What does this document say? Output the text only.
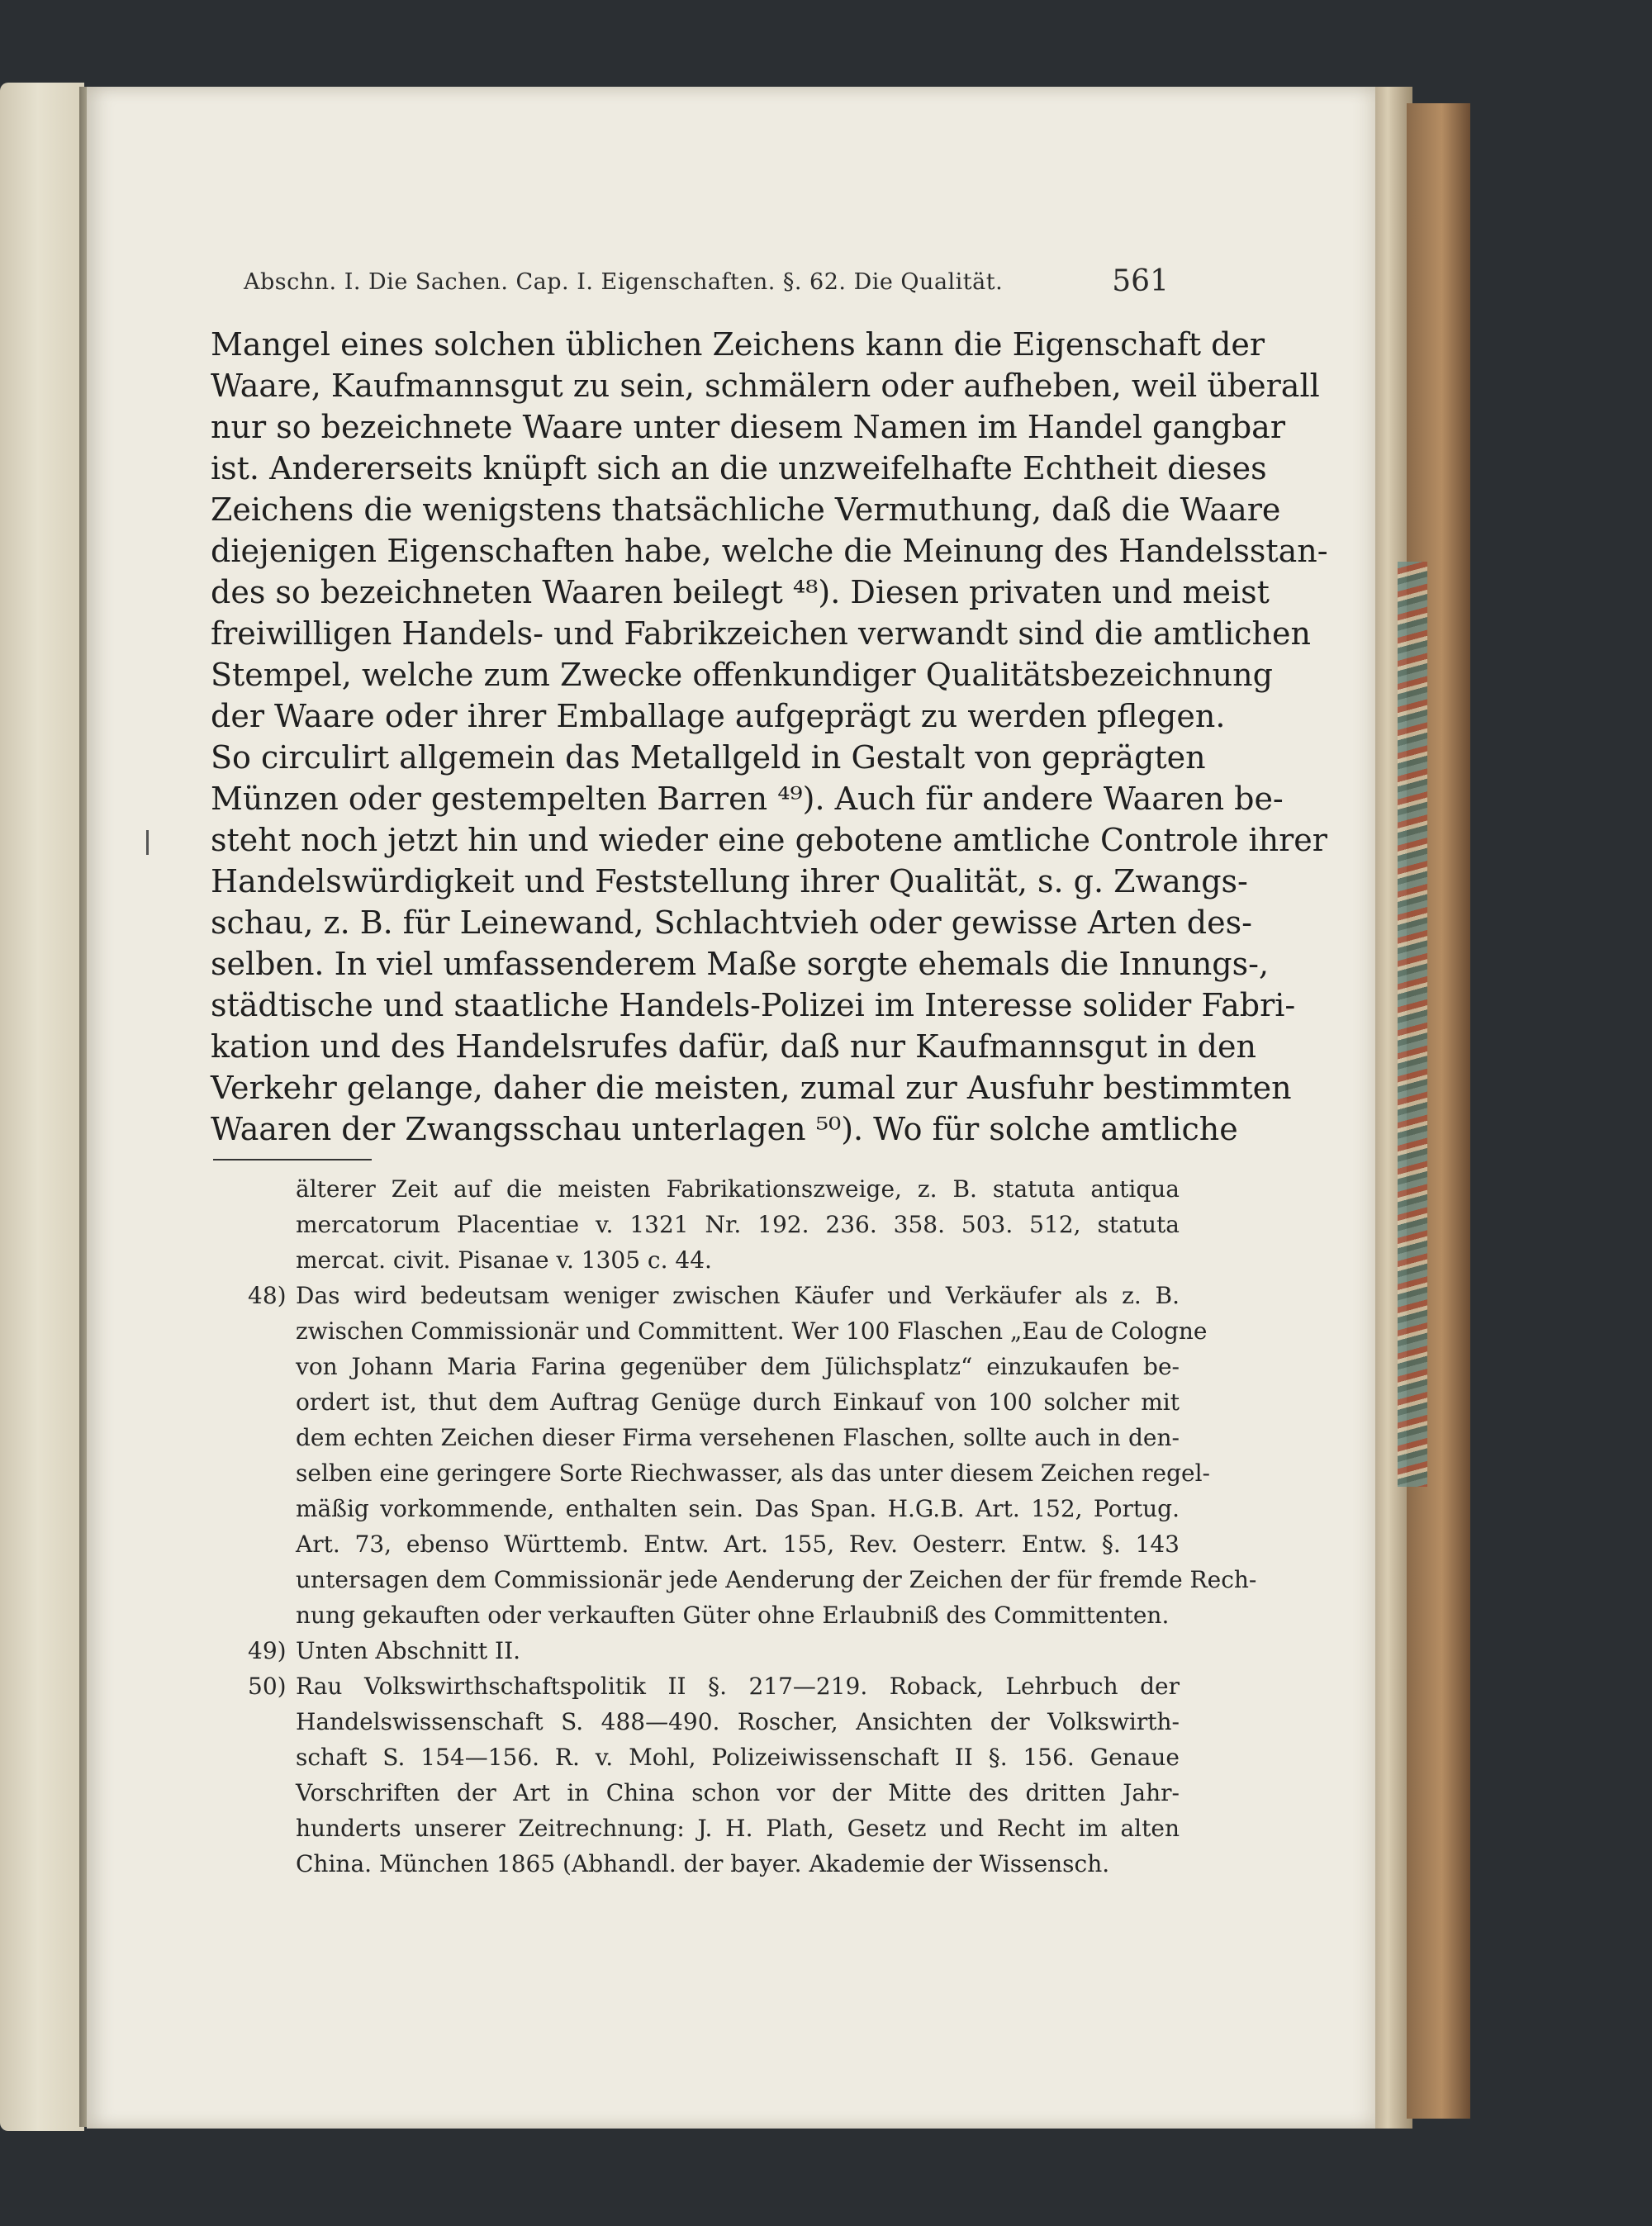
Abschn. I. Die Sachen. Cap. I. Eigenschaften. §. 62. Die Qualität.	561
Mangel eines solchen üblichen Zeichens kann die Eigenschaft der
Waare, Kaufmannsgut zu sein, schmälern oder aufheben, weil überall
nur so bezeichnete Waare unter diesem Namen im Handel gangbar
ist. Andererseits knüpft sich an die unzweifelhafte Echtheit dieses
Zeichens die wenigstens thatsächliche Vermuthung, daß die Waare
diejenigen Eigenschaften habe, welche die Meinung des Handelsstan-
des so bezeichneten Waaren beilegt ⁴⁸). Diesen privaten und meist
freiwilligen Handels- und Fabrikzeichen verwandt sind die amtlichen
Stempel, welche zum Zwecke offenkundiger Qualitätsbezeichnung
der Waare oder ihrer Emballage aufgeprägt zu werden pflegen.
So circulirt allgemein das Metallgeld in Gestalt von geprägten
Münzen oder gestempelten Barren ⁴⁹). Auch für andere Waaren be-
steht noch jetzt hin und wieder eine gebotene amtliche Controle ihrer
Handelswürdigkeit und Feststellung ihrer Qualität, s. g. Zwangs-
schau, z. B. für Leinewand, Schlachtvieh oder gewisse Arten des-
selben. In viel umfassenderem Maße sorgte ehemals die Innungs-,
städtische und staatliche Handels-Polizei im Interesse solider Fabri-
kation und des Handelsrufes dafür, daß nur Kaufmannsgut in den
Verkehr gelange, daher die meisten, zumal zur Ausfuhr bestimmten
Waaren der Zwangsschau unterlagen ⁵⁰). Wo für solche amtliche
älterer Zeit auf die meisten Fabrikationszweige, z. B. statuta antiqua
mercatorum Placentiae v. 1321 Nr. 192. 236. 358. 503. 512, statuta
mercat. civit. Pisanae v. 1305 c. 44.
48) Das wird bedeutsam weniger zwischen Käufer und Verkäufer als z. B.
zwischen Commissionär und Committent. Wer 100 Flaschen „Eau de Cologne
von Johann Maria Farina gegenüber dem Jülichsplatz“ einzukaufen be-
ordert ist, thut dem Auftrag Genüge durch Einkauf von 100 solcher mit
dem echten Zeichen dieser Firma versehenen Flaschen, sollte auch in den-
selben eine geringere Sorte Riechwasser, als das unter diesem Zeichen regel-
mäßig vorkommende, enthalten sein. Das Span. H.G.B. Art. 152, Portug.
Art. 73, ebenso Württemb. Entw. Art. 155, Rev. Oesterr. Entw. §. 143
untersagen dem Commissionär jede Aenderung der Zeichen der für fremde Rech-
nung gekauften oder verkauften Güter ohne Erlaubniß des Committenten.
49) Unten Abschnitt II.
50) Rau Volkswirthschaftspolitik II §. 217—219. Roback, Lehrbuch der
Handelswissenschaft S. 488—490. Roscher, Ansichten der Volkswirth-
schaft S. 154—156. R. v. Mohl, Polizeiwissenschaft II §. 156. Genaue
Vorschriften der Art in China schon vor der Mitte des dritten Jahr-
hunderts unserer Zeitrechnung: J. H. Plath, Gesetz und Recht im alten
China. München 1865 (Abhandl. der bayer. Akademie der Wissensch.
